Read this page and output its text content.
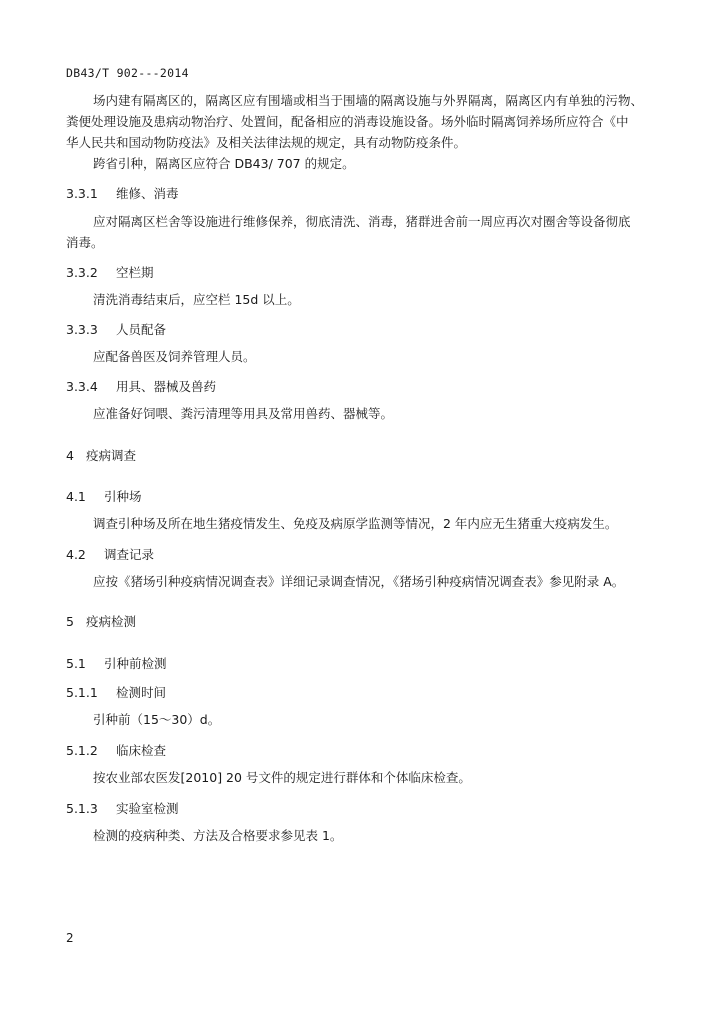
DB43/T 902---2014
场内建有隔离区的，隔离区应有围墙或相当于围墙的隔离设施与外界隔离，隔离区内有单独的污物、
粪便处理设施及患病动物治疗、处置间，配备相应的消毒设施设备。场外临时隔离饲养场所应符合《中
华人民共和国动物防疫法》及相关法律法规的规定，具有动物防疫条件。
跨省引种，隔离区应符合 DB43/ 707 的规定。
3.3.1 维修、消毒
应对隔离区栏舍等设施进行维修保养，彻底清洗、消毒，猪群进舍前一周应再次对圈舍等设备彻底
消毒。
3.3.2 空栏期
清洗消毒结束后，应空栏 15d 以上。
3.3.3 人员配备
应配备兽医及饲养管理人员。
3.3.4 用具、器械及兽药
应准备好饲喂、粪污清理等用具及常用兽药、器械等。
4 疫病调查
4.1 引种场
调查引种场及所在地生猪疫情发生、免疫及病原学监测等情况，2 年内应无生猪重大疫病发生。
4.2 调查记录
应按《猪场引种疫病情况调查表》详细记录调查情况，《猪场引种疫病情况调查表》参见附录 A。
5 疫病检测
5.1 引种前检测
5.1.1 检测时间
引种前（15～30）d。
5.1.2 临床检查
按农业部农医发[2010] 20 号文件的规定进行群体和个体临床检查。
5.1.3 实验室检测
检测的疫病种类、方法及合格要求参见表 1。
2
